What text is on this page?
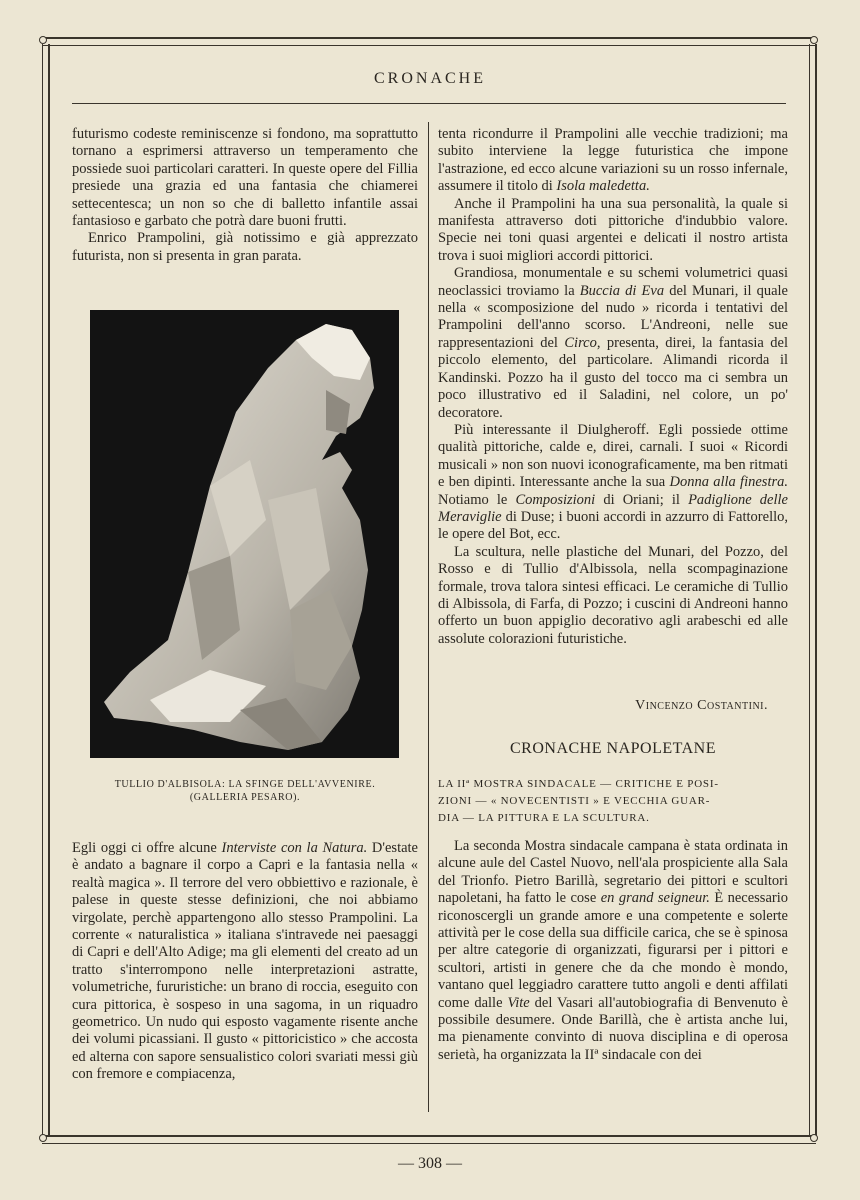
CRONACHE

futurismo codeste reminiscenze si fondono, ma soprattutto tornano a esprimersi attraverso un temperamento che possiede suoi particolari caratteri. In queste opere del Fillia presiede una grazia ed una fantasia che chiamerei settecentesca; un non so che di balletto infantile assai fantasioso e garbato che potrà dare buoni frutti.

Enrico Prampolini, già notissimo e già apprezzato futurista, non si presenta in gran parata.

TULLIO D'ALBISOLA: LA SFINGE DELL'AVVENIRE.
(GALLERIA PESARO).

Egli oggi ci offre alcune Interviste con la Natura. D'estate è andato a bagnare il corpo a Capri e la fantasia nella « realtà magica ». Il terrore del vero obbiettivo e razionale, è palese in queste stesse definizioni, che noi abbiamo virgolate, perchè appartengono allo stesso Prampolini. La corrente « naturalistica » italiana s'intravede nei paesaggi di Capri e dell'Alto Adige; ma gli elementi del creato ad un tratto s'interrompono nelle interpretazioni astratte, volumetriche, fururistiche: un brano di roccia, eseguito con cura pittorica, è sospeso in una sagoma, in un riquadro geometrico. Un nudo qui esposto vagamente risente anche dei volumi picassiani. Il gusto « pittoricistico » che accosta ed alterna con sapore sensualistico colori svariati messi giù con fremore e compiacenza,

tenta ricondurre il Prampolini alle vecchie tradizioni; ma subito interviene la legge futuristica che impone l'astrazione, ed ecco alcune variazioni su un rosso infernale, assumere il titolo di Isola maledetta.

Anche il Prampolini ha una sua personalità, la quale si manifesta attraverso doti pittoriche d'indubbio valore. Specie nei toni quasi argentei e delicati il nostro artista trova i suoi migliori accordi pittorici.

Grandiosa, monumentale e su schemi volumetrici quasi neoclassici troviamo la Buccia di Eva del Munari, il quale nella « scomposizione del nudo » ricorda i tentativi del Prampolini dell'anno scorso. L'Andreoni, nelle sue rappresentazioni del Circo, presenta, direi, la fantasia del piccolo elemento, del particolare. Alimandi ricorda il Kandinski. Pozzo ha il gusto del tocco ma ci sembra un poco illustrativo ed il Saladini, nel colore, un po' decoratore.

Più interessante il Diulgheroff. Egli possiede ottime qualità pittoriche, calde e, direi, carnali. I suoi « Ricordi musicali » non son nuovi iconograficamente, ma ben ritmati e ben dipinti. Interessante anche la sua Donna alla finestra. Notiamo le Composizioni di Oriani; il Padiglione delle Meraviglie di Duse; i buoni accordi in azzurro di Fattorello, le opere del Bot, ecc.

La scultura, nelle plastiche del Munari, del Pozzo, del Rosso e di Tullio d'Albissola, nella scompaginazione formale, trova talora sintesi efficaci. Le ceramiche di Tullio di Albissola, di Farfa, di Pozzo; i cuscini di Andreoni hanno offerto un buon appiglio decorativo agli arabeschi ed alle assolute colorazioni futuristiche.

Vincenzo Costantini.
CRONACHE NAPOLETANE
LA IIª MOSTRA SINDACALE — CRITICHE E POSI-
ZIONI — « NOVECENTISTI » E VECCHIA GUAR-
DIA — LA PITTURA E LA SCULTURA.

La seconda Mostra sindacale campana è stata ordinata in alcune aule del Castel Nuovo, nell'ala prospiciente alla Sala del Trionfo. Pietro Barillà, segretario dei pittori e scultori napoletani, ha fatto le cose en grand seigneur. È necessario riconoscergli un grande amore e una competente e solerte attività per le cose della sua difficile carica, che se è spinosa per altre categorie di organizzati, figurarsi per i pittori e scultori, artisti in genere che da che mondo è mondo, vantano quel leggiadro carattere tutto angoli e denti affilati come dalle Vite del Vasari all'autobiografia di Benvenuto è possibile desumere. Onde Barillà, che è artista anche lui, ma pienamente convinto di nuova disciplina e di operosa serietà, ha organizzata la IIª sindacale con dei

— 308 —
